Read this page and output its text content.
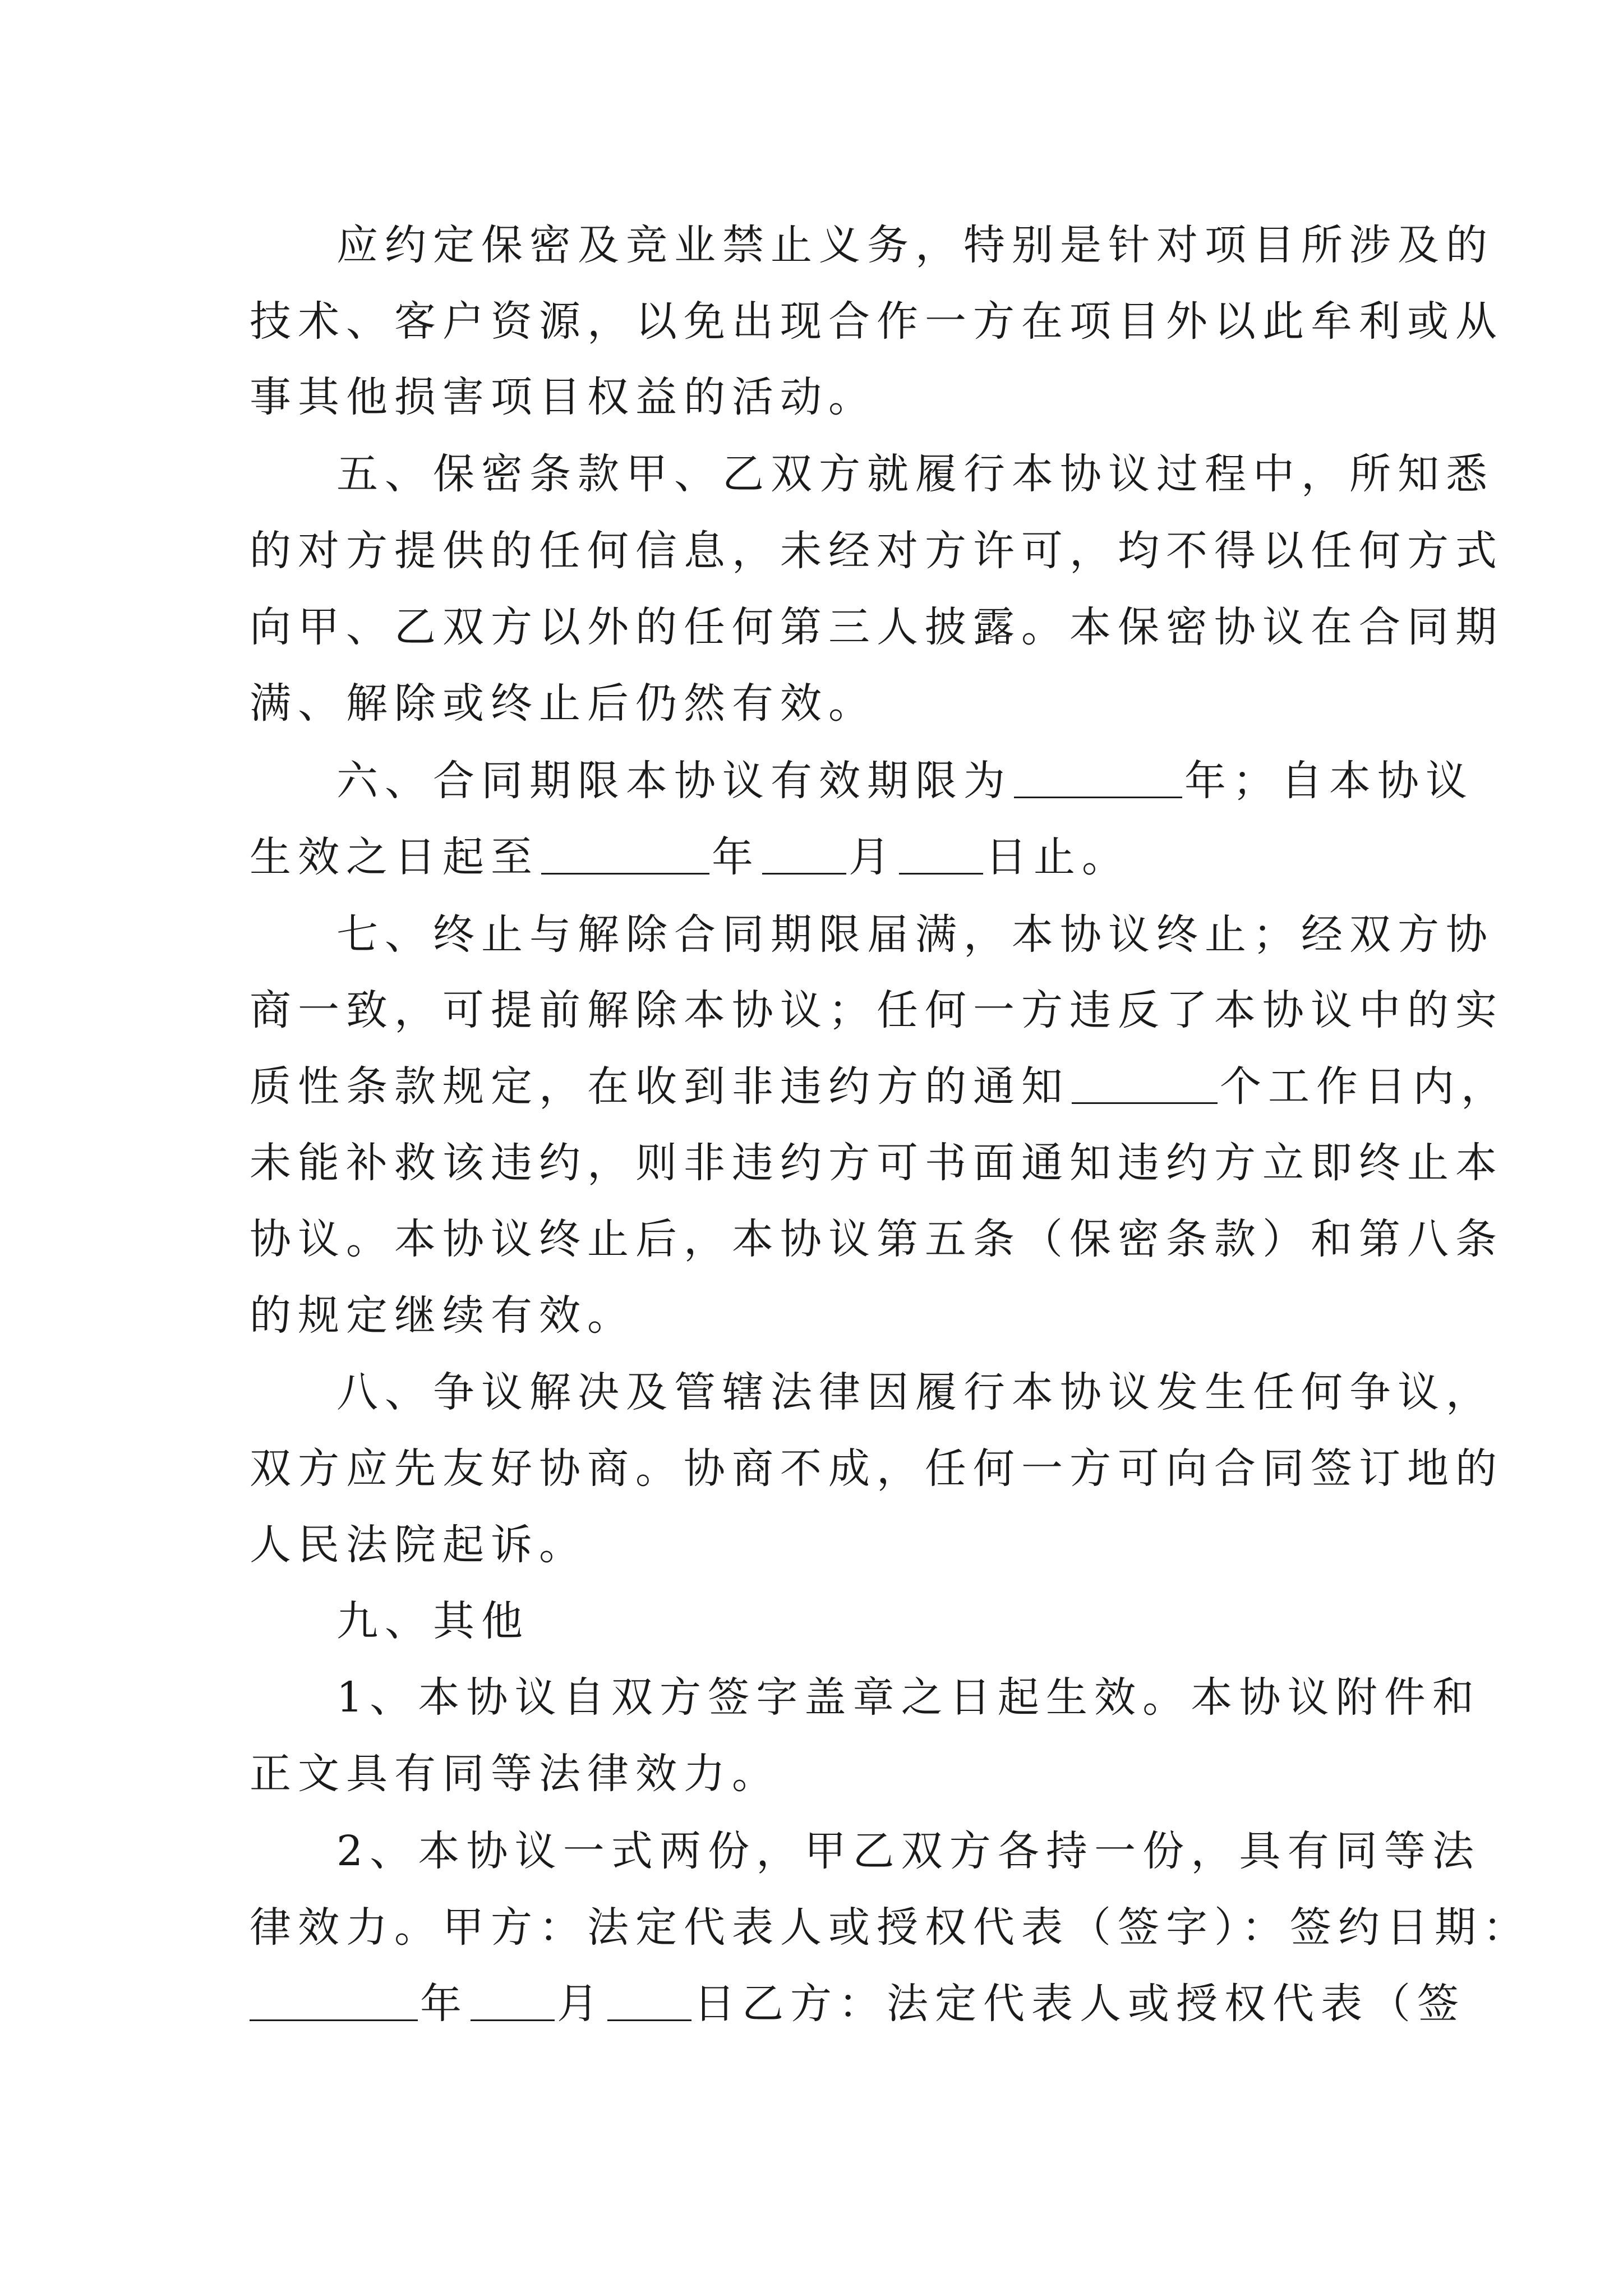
应约定保密及竞业禁止义务，特别是针对项目所涉及的
技术、客户资源，以免出现合作一方在项目外以此牟利或从
事其他损害项目权益的活动。
五、保密条款甲、乙双方就履行本协议过程中，所知悉
的对方提供的任何信息，未经对方许可，均不得以任何方式
向甲、乙双方以外的任何第三人披露。本保密协议在合同期
满、解除或终止后仍然有效。
六、合同期限本协议有效期限为	年；自本协议
生效之日起至	年 月 日止。
七、终止与解除合同期限届满，本协议终止；经双方协
商一致，可提前解除本协议；任何一方违反了本协议中的实
质性条款规定，在收到非违约方的通知	个工作日内，
未能补救该违约，则非违约方可书面通知违约方立即终止本
协议。本协议终止后，本协议第五条（保密条款）和第八条
的规定继续有效。
八、争议解决及管辖法律因履行本协议发生任何争议，
双方应先友好协商。协商不成，任何一方可向合同签订地的
人民法院起诉。
九、其他
1、本协议自双方签字盖章之日起生效。本协议附件和
正文具有同等法律效力。
2、本协议一式两份，甲乙双方各持一份，具有同等法
律效力。甲方：法定代表人或授权代表（签字）：签约日期：
年 月 日乙方：法定代表人或授权代表（签
